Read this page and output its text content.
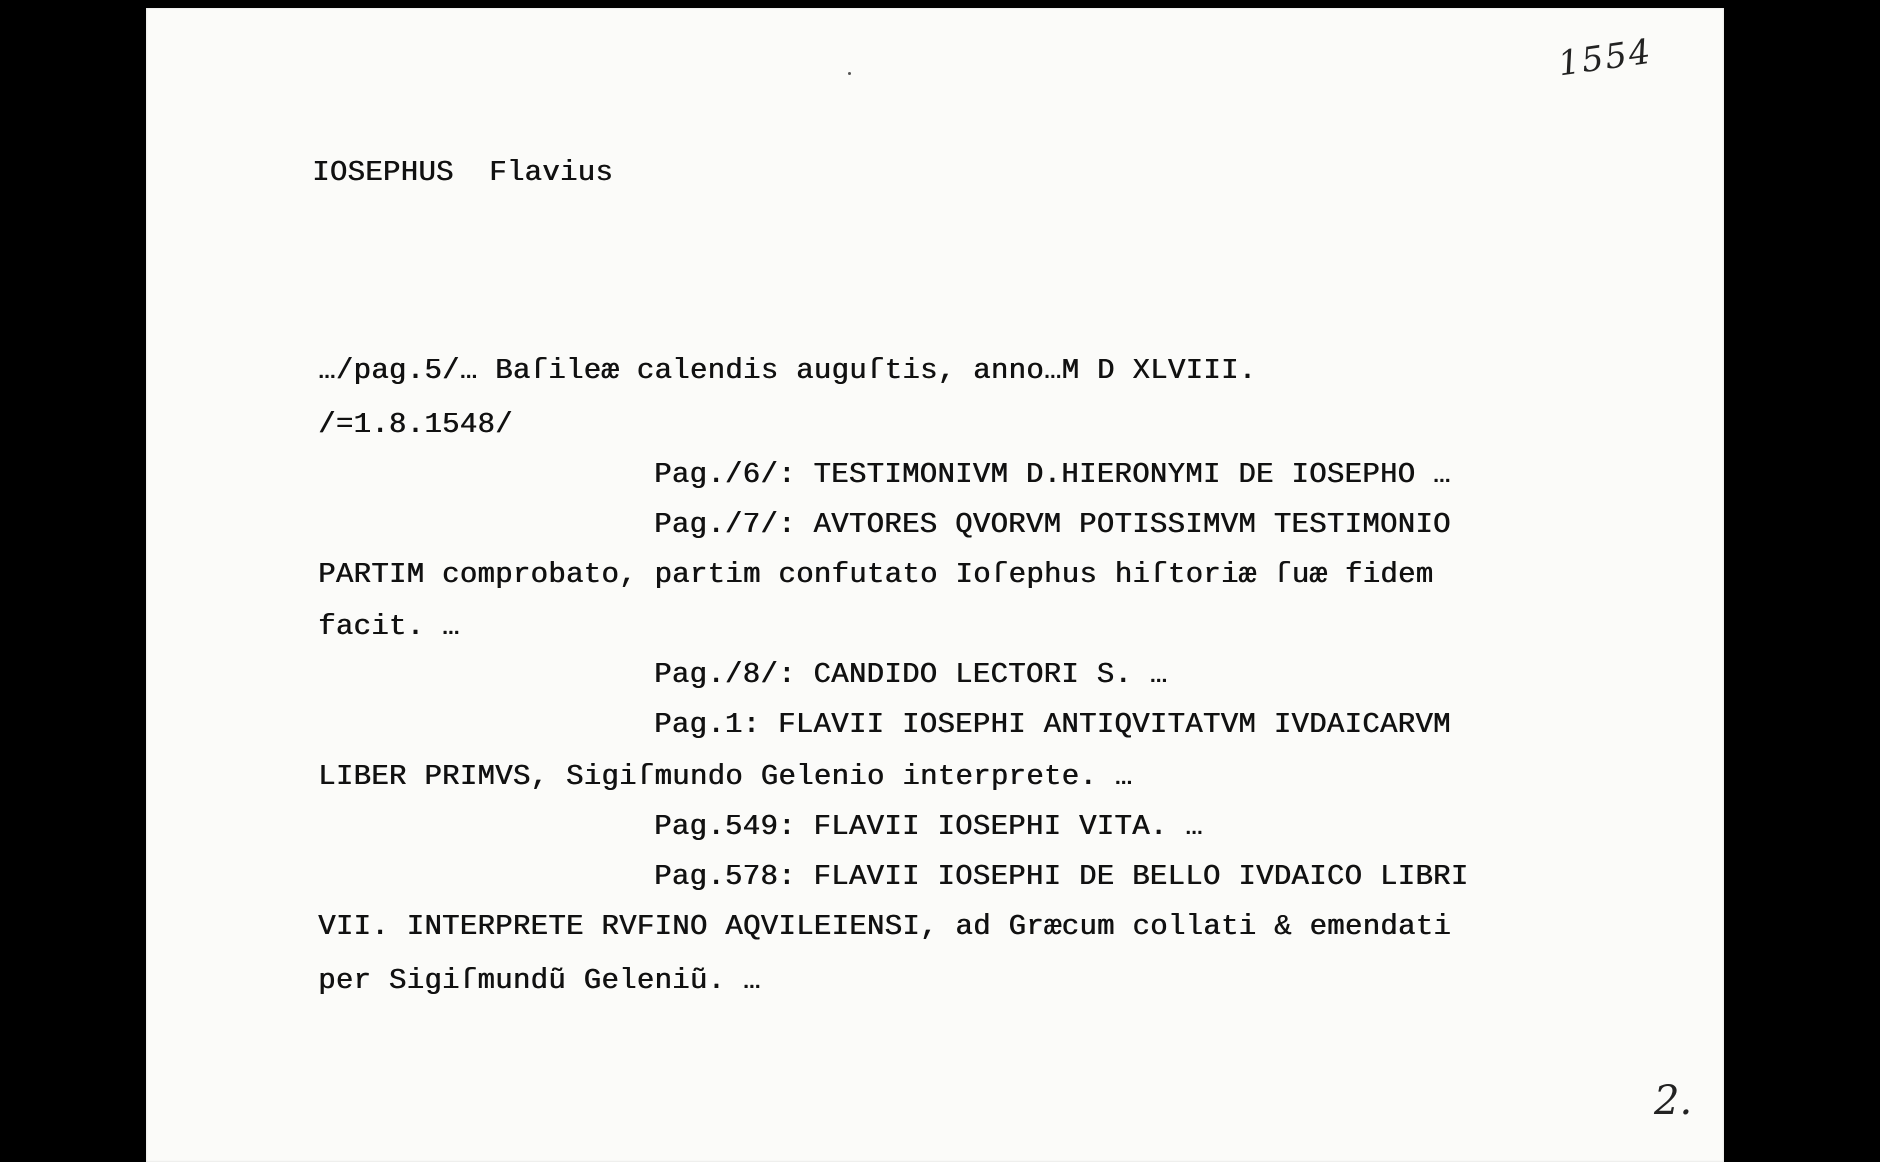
1554

IOSEPHUS  Flavius

…/pag.5/… Baſileæ calendis auguſtis, anno…M D XLVIII.

/=1.8.1548/

Pag./6/: TESTIMONIVM D.HIERONYMI DE IOSEPHO …

Pag./7/: AVTORES QVORVM POTISSIMVM TESTIMONIO

PARTIM comprobato, partim confutato Ioſephus hiſtoriæ ſuæ fidem

facit. …

Pag./8/: CANDIDO LECTORI S. …

Pag.1: FLAVII IOSEPHI ANTIQVITATVM IVDAICARVM

LIBER PRIMVS, Sigiſmundo Gelenio interprete. …

Pag.549: FLAVII IOSEPHI VITA. …

Pag.578: FLAVII IOSEPHI DE BELLO IVDAICO LIBRI

VII. INTERPRETE RVFINO AQVILEIENSI, ad Græcum collati & emendati

per Sigiſmundũ Geleniũ. …

2.
